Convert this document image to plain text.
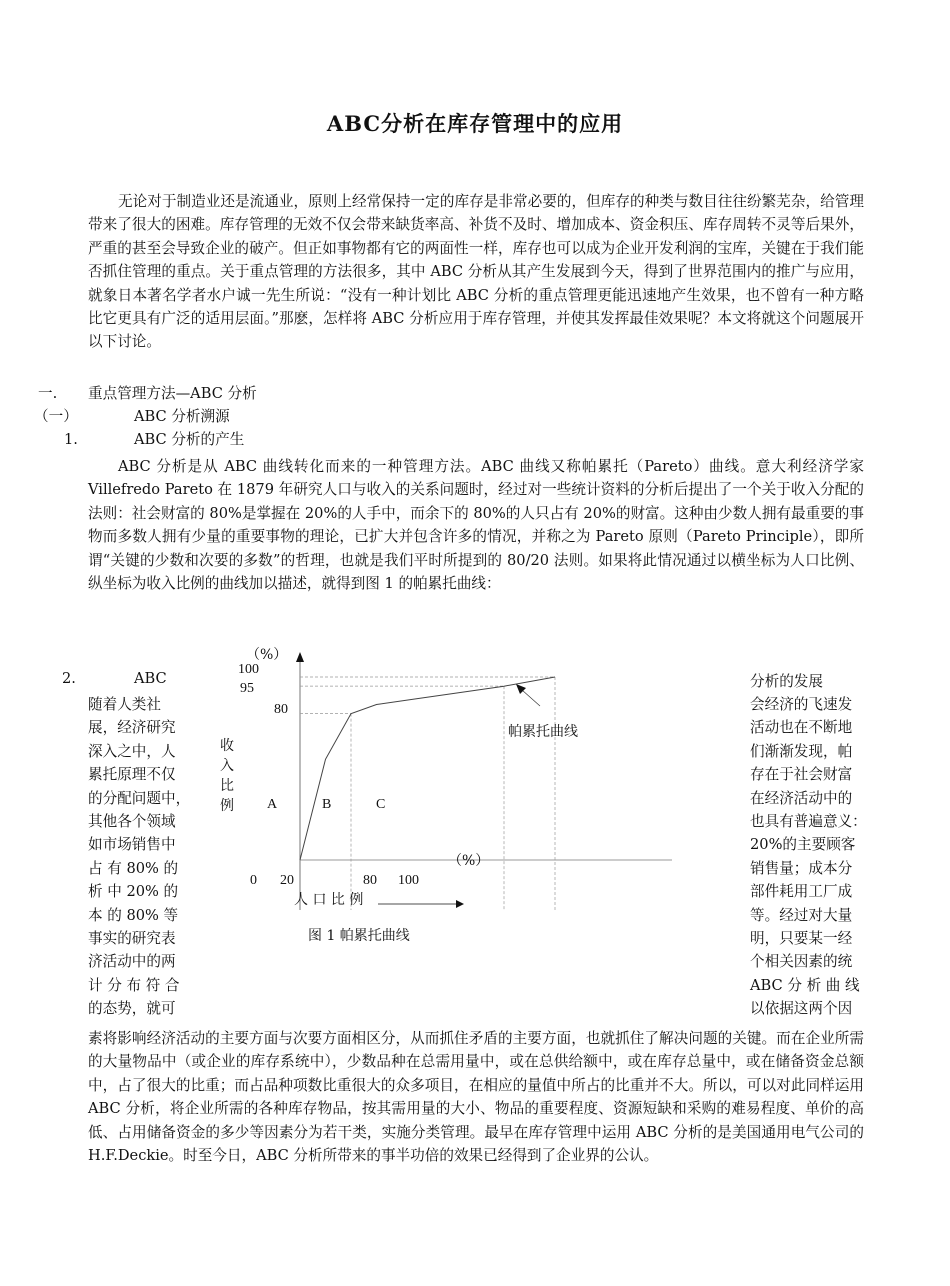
ABC分析在库存管理中的应用
无论对于制造业还是流通业，原则上经常保持一定的库存是非常必要的，但库存的种类与数目往往纷繁芜杂，给管理带来了很大的困难。库存管理的无效不仅会带来缺货率高、补货不及时、增加成本、资金积压、库存周转不灵等后果外，严重的甚至会导致企业的破产。但正如事物都有它的两面性一样，库存也可以成为企业开发利润的宝库，关键在于我们能否抓住管理的重点。关于重点管理的方法很多，其中 ABC 分析从其产生发展到今天，得到了世界范围内的推广与应用，就象日本著名学者水户诚一先生所说：“没有一种计划比 ABC 分析的重点管理更能迅速地产生效果，也不曾有一种方略比它更具有广泛的适用层面。”那麽，怎样将 ABC 分析应用于库存管理，并使其发挥最佳效果呢？本文将就这个问题展开以下讨论。
一. 重点管理方法—ABC 分析
（一）	ABC 分析溯源
1.	ABC 分析的产生
ABC 分析是从 ABC 曲线转化而来的一种管理方法。ABC 曲线又称帕累托（Pareto）曲线。意大利经济学家 Villefredo Pareto 在 1879 年研究人口与收入的关系问题时，经过对一些统计资料的分析后提出了一个关于收入分配的法则：社会财富的 80%是掌握在 20%的人手中，而余下的 80%的人只占有 20%的财富。这种由少数人拥有最重要的事物而多数人拥有少量的重要事物的理论，已扩大并包含许多的情况，并称之为 Pareto 原则（Pareto Principle），即所谓“关键的少数和次要的多数”的哲理，也就是我们平时所提到的 80/20 法则。如果将此情况通过以横坐标为人口比例、纵坐标为收入比例的曲线加以描述，就得到图 1 的帕累托曲线：
2.	ABC	分析的发展
随着人类社
展，经济研究
深入之中，人
累托原理不仅
的分配问题中，
其他各个领域
如市场销售中
占 有 80% 的
析 中 20% 的
本 的 80% 等
事实的研究表
济活动中的两
计 分 布 符 合
的态势，就可
会经济的飞速发
活动也在不断地
们渐渐发现，帕
存在于社会财富
在经济活动中的
也具有普遍意义：
20%的主要顾客
销售量；成本分
部件耗用工厂成
等。经过对大量
明，只要某一经
个相关因素的统
ABC 分 析 曲 线
以依据这两个因
100
95
80
0 20	80 100
A	B	C
（%）
收
入
比
例
（%）
人 口 比 例
图 1 帕累托曲线
帕累托曲线
素将影响经济活动的主要方面与次要方面相区分，从而抓住矛盾的主要方面，也就抓住了解决问题的关键。而在企业所需的大量物品中（或企业的库存系统中），少数品种在总需用量中，或在总供给额中，或在库存总量中，或在储备资金总额中，占了很大的比重；而占品种项数比重很大的众多项目，在相应的量值中所占的比重并不大。所以，可以对此同样运用 ABC 分析，将企业所需的各种库存物品，按其需用量的大小、物品的重要程度、资源短缺和采购的难易程度、单价的高低、占用储备资金的多少等因素分为若干类，实施分类管理。最早在库存管理中运用 ABC 分析的是美国通用电气公司的 H.F.Deckie。时至今日，ABC 分析所带来的事半功倍的效果已经得到了企业界的公认。
